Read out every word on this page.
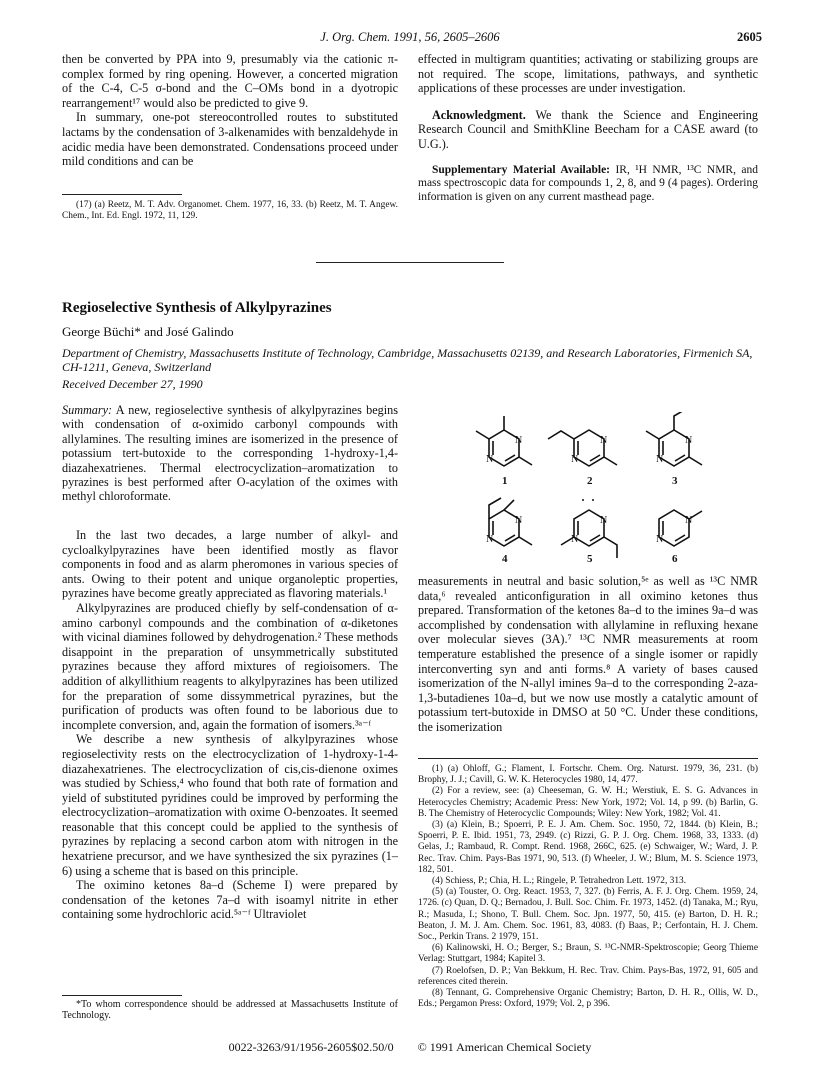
J. Org. Chem. 1991, 56, 2605–2606	2605

then be converted by PPA into 9, presumably via the cationic π-complex formed by ring opening. However, a concerted migration of the C-4, C-5 σ-bond and the C–OMs bond in a dyotropic rearrangement¹⁷ would also be predicted to give 9.

In summary, one-pot stereocontrolled routes to substituted lactams by the condensation of 3-alkenamides with benzaldehyde in acidic media have been demonstrated. Condensations proceed under mild conditions and can be

(17) (a) Reetz, M. T. Adv. Organomet. Chem. 1977, 16, 33. (b) Reetz, M. T. Angew. Chem., Int. Ed. Engl. 1972, 11, 129.

effected in multigram quantities; activating or stabilizing groups are not required. The scope, limitations, pathways, and synthetic applications of these processes are under investigation.

Acknowledgment. We thank the Science and Engineering Research Council and SmithKline Beecham for a CASE award (to U.G.).

Supplementary Material Available: IR, ¹H NMR, ¹³C NMR, and mass spectroscopic data for compounds 1, 2, 8, and 9 (4 pages). Ordering information is given on any current masthead page.

Regioselective Synthesis of Alkylpyrazines
George Büchi* and José Galindo
Department of Chemistry, Massachusetts Institute of Technology, Cambridge, Massachusetts 02139, and Research Laboratories, Firmenich SA, CH-1211, Geneva, Switzerland
Received December 27, 1990
Summary: A new, regioselective synthesis of alkylpyrazines begins with condensation of α-oximido carbonyl compounds with allylamines. The resulting imines are isomerized in the presence of potassium tert-butoxide to the corresponding 1-hydroxy-1,4-diazahexatrienes. Thermal electrocyclization–aromatization to pyrazines is best performed after O-acylation of the oximes with methyl chloroformate.

In the last two decades, a large number of alkyl- and cycloalkylpyrazines have been identified mostly as flavor components in food and as alarm pheromones in various species of ants. Owing to their potent and unique organoleptic properties, pyrazines have become greatly appreciated as flavoring materials.¹

Alkylpyrazines are produced chiefly by self-condensation of α-amino carbonyl compounds and the combination of α-diketones with vicinal diamines followed by dehydrogenation.² These methods disappoint in the preparation of unsymmetrically substituted pyrazines because they afford mixtures of regioisomers. The addition of alkyllithium reagents to alkylpyrazines has been utilized for the preparation of some dissymmetrical pyrazines, but the purification of products was often found to be laborious due to incomplete conversion, and, again the formation of isomers.³ᵃ⁻ᶠ

We describe a new synthesis of alkylpyrazines whose regioselectivity rests on the electrocyclization of 1-hydroxy-1-4-diazahexatrienes. The electrocyclization of cis,cis-dienone oximes was studied by Schiess,⁴ who found that both rate of formation and yield of substituted pyridines could be improved by performing the electrocyclization–aromatization with oxime O-benzoates. It seemed reasonable that this concept could be applied to the synthesis of pyrazines by replacing a second carbon atom with nitrogen in the hexatriene precursor, and we have synthesized the six pyrazines (1–6) using a scheme that is based on this principle.

The oximino ketones 8a–d (Scheme I) were prepared by condensation of the ketones 7a–d with isoamyl nitrite in ether containing some hydrochloric acid.⁵ᵃ⁻ᶠ Ultraviolet

*To whom correspondence should be addressed at Massachusetts Institute of Technology.

N
N
N
N
N
N
N
N
N
N
N
N
1	2	3
4	5	6

measurements in neutral and basic solution,⁵ᵉ as well as ¹³C NMR data,⁶ revealed anticonfiguration in all oximino ketones thus prepared. Transformation of the ketones 8a–d to the imines 9a–d was accomplished by condensation with allylamine in refluxing hexane over molecular sieves (3A).⁷ ¹³C NMR measurements at room temperature established the presence of a single isomer or rapidly interconverting syn and anti forms.⁸ A variety of bases caused isomerization of the N-allyl imines 9a–d to the corresponding 2-aza-1,3-butadienes 10a–d, but we now use mostly a catalytic amount of potassium tert-butoxide in DMSO at 50 °C. Under these conditions, the isomerization

(1) (a) Ohloff, G.; Flament, I. Fortschr. Chem. Org. Naturst. 1979, 36, 231. (b) Brophy, J. J.; Cavill, G. W. K. Heterocycles 1980, 14, 477.

(2) For a review, see: (a) Cheeseman, G. W. H.; Werstiuk, E. S. G. Advances in Heterocycles Chemistry; Academic Press: New York, 1972; Vol. 14, p 99. (b) Barlin, G. B. The Chemistry of Heterocyclic Compounds; Wiley: New York, 1982; Vol. 41.

(3) (a) Klein, B.; Spoerri, P. E. J. Am. Chem. Soc. 1950, 72, 1844. (b) Klein, B.; Spoerri, P. E. Ibid. 1951, 73, 2949. (c) Rizzi, G. P. J. Org. Chem. 1968, 33, 1333. (d) Gelas, J.; Rambaud, R. Compt. Rend. 1968, 266C, 625. (e) Schwaiger, W.; Ward, J. P. Rec. Trav. Chim. Pays-Bas 1971, 90, 513. (f) Wheeler, J. W.; Blum, M. S. Science 1973, 182, 501.

(4) Schiess, P.; Chia, H. L.; Ringele, P. Tetrahedron Lett. 1972, 313.

(5) (a) Touster, O. Org. React. 1953, 7, 327. (b) Ferris, A. F. J. Org. Chem. 1959, 24, 1726. (c) Quan, D. Q.; Bernadou, J. Bull. Soc. Chim. Fr. 1973, 1452. (d) Tanaka, M.; Ryu, R.; Masuda, I.; Shono, T. Bull. Chem. Soc. Jpn. 1977, 50, 415. (e) Barton, D. H. R.; Beaton, J. M. J. Am. Chem. Soc. 1961, 83, 4083. (f) Baas, P.; Cerfontain, H. J. Chem. Soc., Perkin Trans. 2 1979, 151.

(6) Kalinowski, H. O.; Berger, S.; Braun, S. ¹³C-NMR-Spektroscopie; Georg Thieme Verlag: Stuttgart, 1984; Kapitel 3.

(7) Roelofsen, D. P.; Van Bekkum, H. Rec. Trav. Chim. Pays-Bas, 1972, 91, 605 and references cited therein.

(8) Tennant, G. Comprehensive Organic Chemistry; Barton, D. H. R., Ollis, W. D., Eds.; Pergamon Press: Oxford, 1979; Vol. 2, p 396.

0022-3263/91/1956-2605$02.50/0 © 1991 American Chemical Society
